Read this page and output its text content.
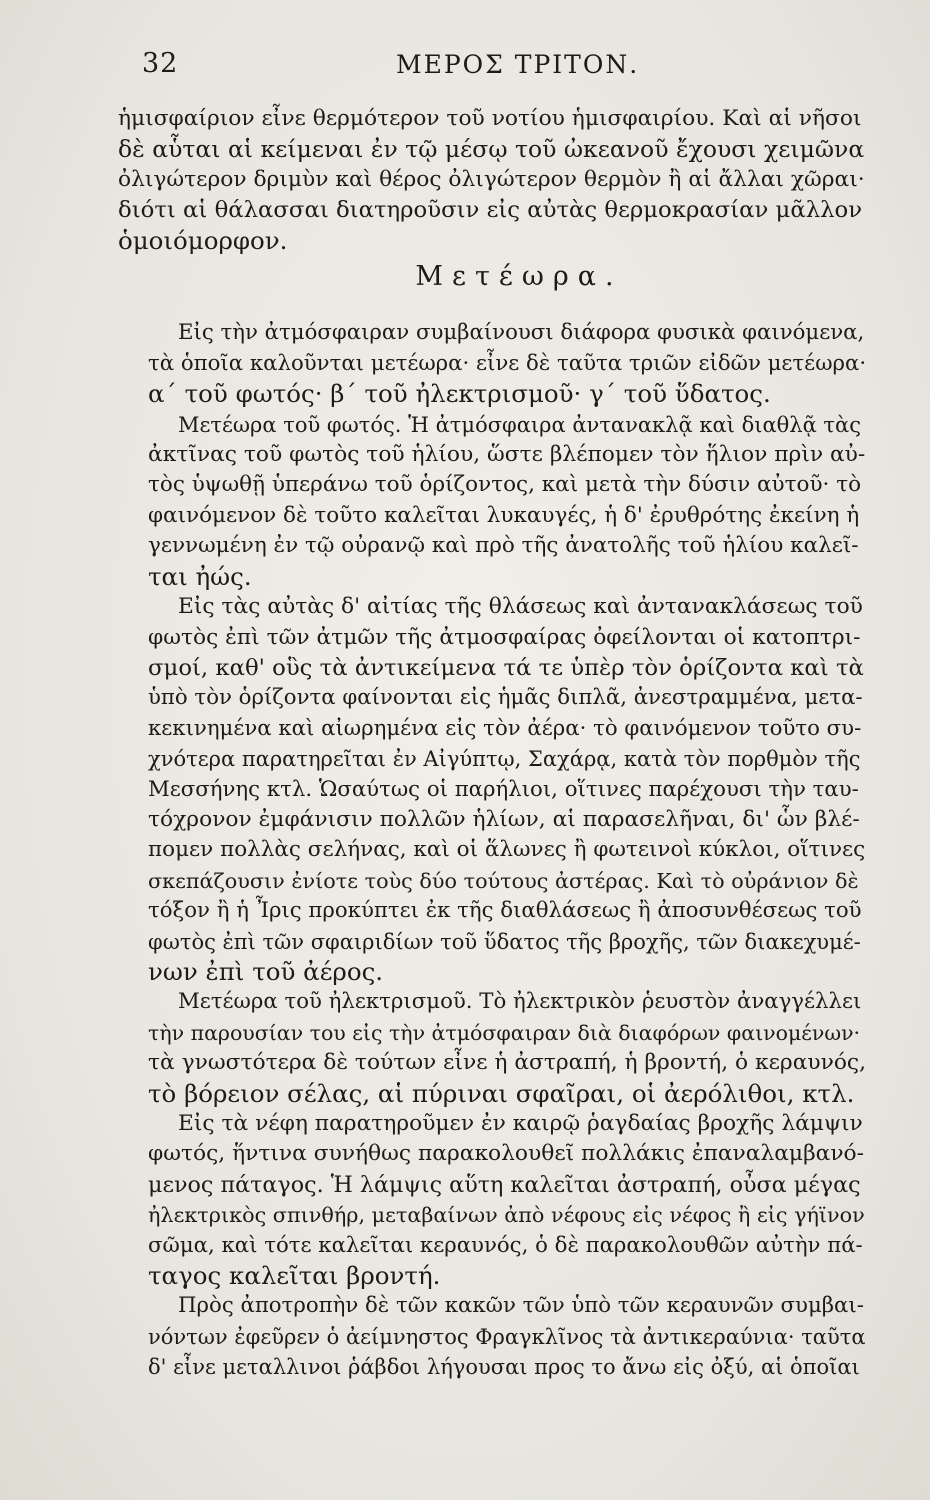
32	ΜΕΡΟΣ ΤΡΙΤΟΝ.

ἡμισφαίριον εἶνε θερμότερον τοῦ νοτίου ἡμισφαιρίου. Καὶ αἱ νῆσοι
δὲ αὗται αἱ κείμεναι ἐν τῷ μέσῳ τοῦ ὠκεανοῦ ἔχουσι χειμῶνα
ὀλιγώτερον δριμὺν καὶ θέρος ὀλιγώτερον θερμὸν ἢ αἱ ἄλλαι χῶραι·
διότι αἱ θάλασσαι διατηροῦσιν εἰς αὐτὰς θερμοκρασίαν μᾶλλον
ὁμοιόμορφον.

Μετέωρα.

Εἰς τὴν ἀτμόσφαιραν συμβαίνουσι διάφορα φυσικὰ φαινόμενα,
τὰ ὁποῖα καλοῦνται μετέωρα· εἶνε δὲ ταῦτα τριῶν εἰδῶν μετέωρα·
α΄ τοῦ φωτός· β΄ τοῦ ἠλεκτρισμοῦ· γ΄ τοῦ ὕδατος.

Μετέωρα τοῦ φωτός. Ἡ ἀτμόσφαιρα ἀντανακλᾷ καὶ διαθλᾷ τὰς
ἀκτῖνας τοῦ φωτὸς τοῦ ἡλίου, ὥστε βλέπομεν τὸν ἥλιον πρὶν αὐ-
τὸς ὑψωθῇ ὑπεράνω τοῦ ὁρίζοντος, καὶ μετὰ τὴν δύσιν αὐτοῦ· τὸ
φαινόμενον δὲ τοῦτο καλεῖται λυκαυγές, ἡ δ' ἐρυθρότης ἐκείνη ἡ
γεννωμένη ἐν τῷ οὐρανῷ καὶ πρὸ τῆς ἀνατολῆς τοῦ ἡλίου καλεῖ-
ται ἠώς.

Εἰς τὰς αὐτὰς δ' αἰτίας τῆς θλάσεως καὶ ἀντανακλάσεως τοῦ
φωτὸς ἐπὶ τῶν ἀτμῶν τῆς ἀτμοσφαίρας ὀφείλονται οἱ κατοπτρι-
σμοί, καθ' οὓς τὰ ἀντικείμενα τά τε ὑπὲρ τὸν ὁρίζοντα καὶ τὰ
ὑπὸ τὸν ὁρίζοντα φαίνονται εἰς ἡμᾶς διπλᾶ, ἀνεστραμμένα, μετα-
κεκινημένα καὶ αἰωρημένα εἰς τὸν ἀέρα· τὸ φαινόμενον τοῦτο συ-
χνότερα παρατηρεῖται ἐν Αἰγύπτῳ, Σαχάρᾳ, κατὰ τὸν πορθμὸν τῆς
Μεσσήνης κτλ. Ὡσαύτως οἱ παρήλιοι, οἵτινες παρέχουσι τὴν ταυ-
τόχρονον ἐμφάνισιν πολλῶν ἡλίων, αἱ παρασελῆναι, δι' ὧν βλέ-
πομεν πολλὰς σελήνας, καὶ οἱ ἅλωνες ἢ φωτεινοὶ κύκλοι, οἵτινες
σκεπάζουσιν ἐνίοτε τοὺς δύο τούτους ἀστέρας. Καὶ τὸ οὐράνιον δὲ
τόξον ἢ ἡ Ἶρις προκύπτει ἐκ τῆς διαθλάσεως ἢ ἀποσυνθέσεως τοῦ
φωτὸς ἐπὶ τῶν σφαιριδίων τοῦ ὕδατος τῆς βροχῆς, τῶν διακεχυμέ-
νων ἐπὶ τοῦ ἀέρος.

Μετέωρα τοῦ ἠλεκτρισμοῦ. Τὸ ἠλεκτρικὸν ῥευστὸν ἀναγγέλλει
τὴν παρουσίαν του εἰς τὴν ἀτμόσφαιραν διὰ διαφόρων φαινομένων·
τὰ γνωστότερα δὲ τούτων εἶνε ἡ ἀστραπή, ἡ βροντή, ὁ κεραυνός,
τὸ βόρειον σέλας, αἱ πύριναι σφαῖραι, οἱ ἀερόλιθοι, κτλ.

Εἰς τὰ νέφη παρατηροῦμεν ἐν καιρῷ ῥαγδαίας βροχῆς λάμψιν
φωτός, ἥντινα συνήθως παρακολουθεῖ πολλάκις ἐπαναλαμβανό-
μενος πάταγος. Ἡ λάμψις αὕτη καλεῖται ἀστραπή, οὖσα μέγας
ἠλεκτρικὸς σπινθήρ, μεταβαίνων ἀπὸ νέφους εἰς νέφος ἢ εἰς γήϊνον
σῶμα, καὶ τότε καλεῖται κεραυνός, ὁ δὲ παρακολουθῶν αὐτὴν πά-
ταγος καλεῖται βροντή.

Πρὸς ἀποτροπὴν δὲ τῶν κακῶν τῶν ὑπὸ τῶν κεραυνῶν συμβαι-
νόντων ἐφεῦρεν ὁ ἀείμνηστος Φραγκλῖνος τὰ ἀντικεραύνια· ταῦτα
δ' εἶνε μεταλλινοι ῥάβδοι λήγουσαι προς το ἄνω εἰς ὀξύ, αἱ ὁποῖαι
